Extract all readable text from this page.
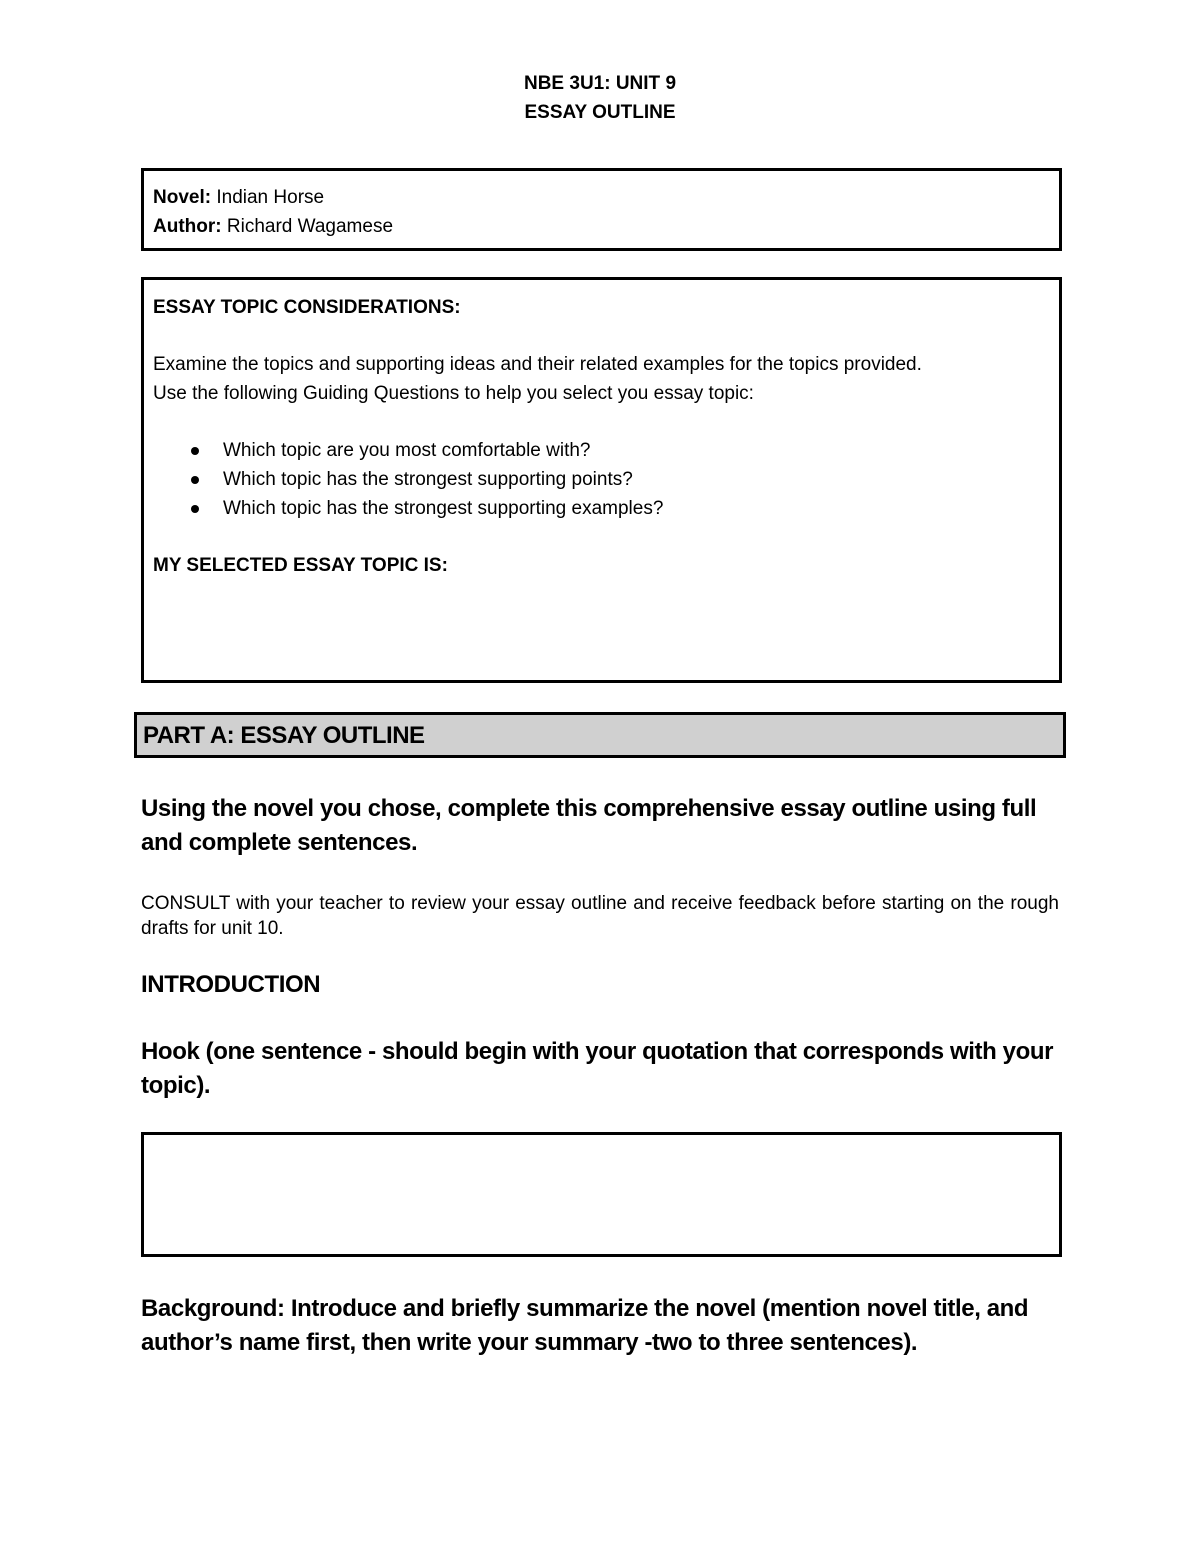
NBE 3U1: UNIT 9
ESSAY OUTLINE
Novel: Indian Horse
Author: Richard Wagamese
ESSAY TOPIC CONSIDERATIONS:
Examine the topics and supporting ideas and their related examples for the topics provided.
Use the following Guiding Questions to help you select you essay topic:
Which topic are you most comfortable with?
Which topic has the strongest supporting points?
Which topic has the strongest supporting examples?
MY SELECTED ESSAY TOPIC IS:
PART A: ESSAY OUTLINE
Using the novel you chose, complete this comprehensive essay outline using full and complete sentences.
CONSULT with your teacher to review your essay outline and receive feedback before starting on the rough drafts for unit 10.
INTRODUCTION
Hook (one sentence - should begin with your quotation that corresponds with your topic).
Background: Introduce and briefly summarize the novel (mention novel title, and author’s name first, then write your summary -two to three sentences).
